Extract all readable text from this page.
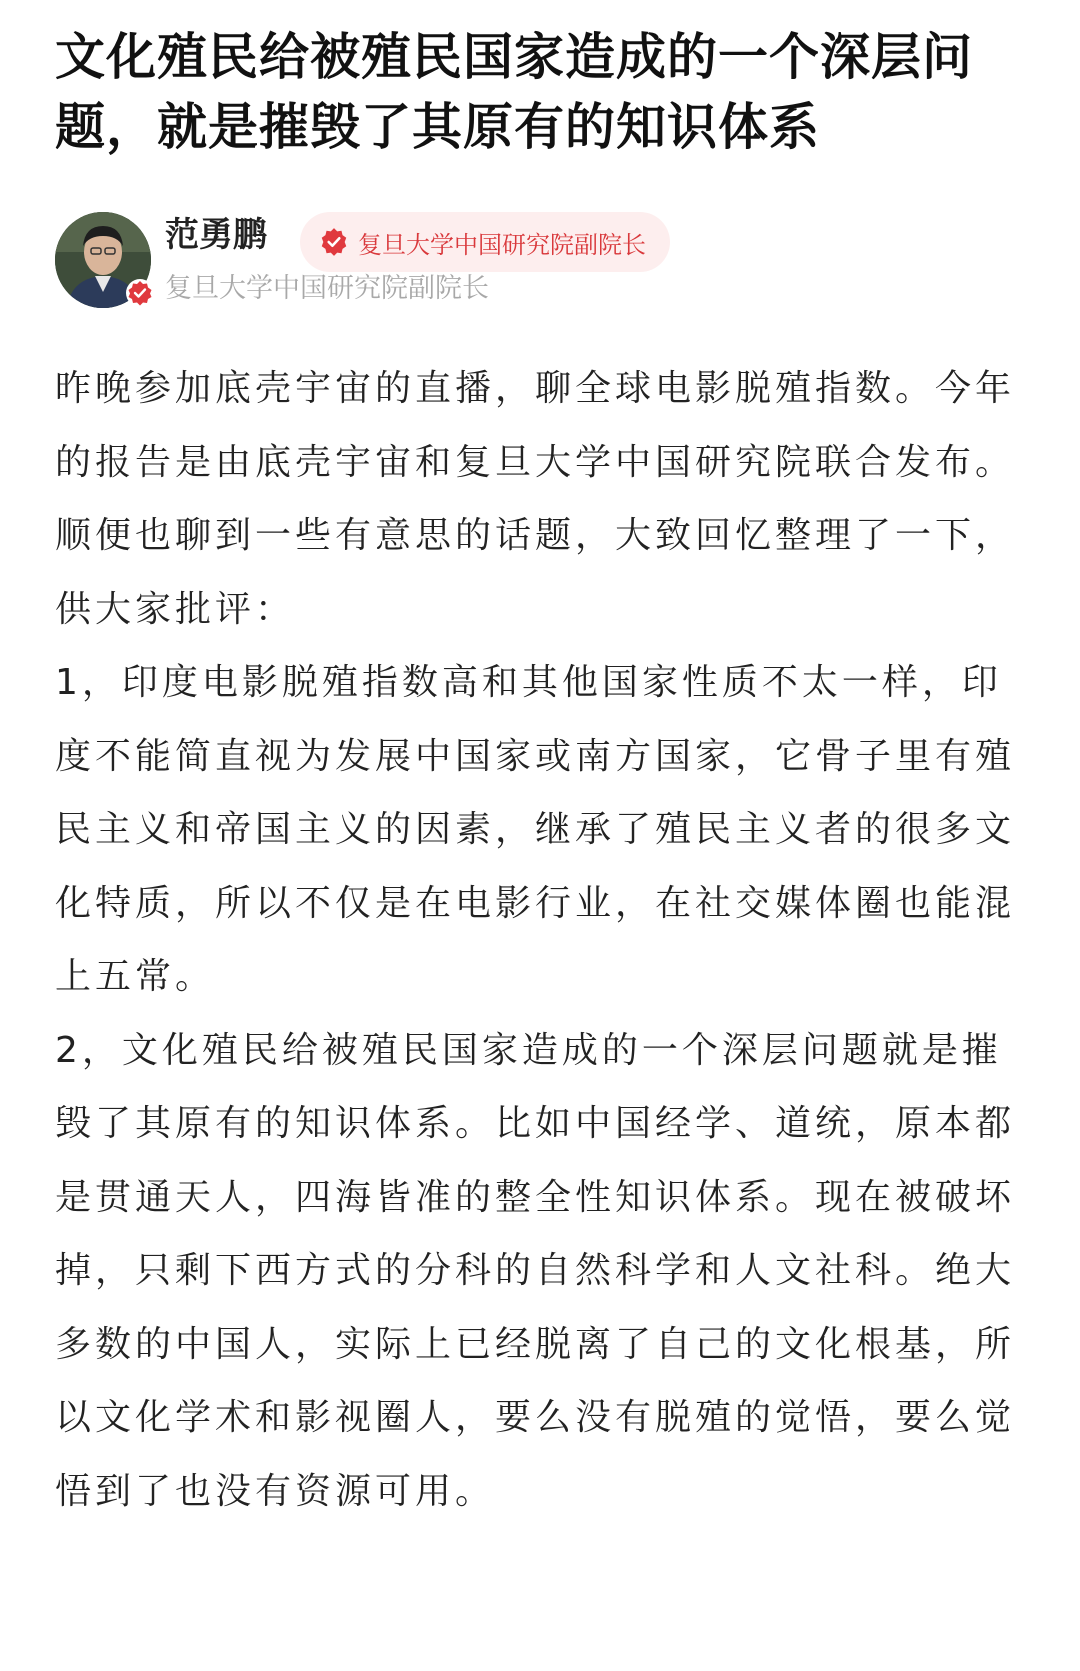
文化殖民给被殖民国家造成的一个深层问题，就是摧毁了其原有的知识体系
范勇鹏	复旦大学中国研究院副院长
复旦大学中国研究院副院长

昨晚参加底壳宇宙的直播，聊全球电影脱殖指数。今年的报告是由底壳宇宙和复旦大学中国研究院联合发布。

顺便也聊到一些有意思的话题，大致回忆整理了一下，供大家批评：

1，印度电影脱殖指数高和其他国家性质不太一样，印度不能简直视为发展中国家或南方国家，它骨子里有殖民主义和帝国主义的因素，继承了殖民主义者的很多文化特质，所以不仅是在电影行业，在社交媒体圈也能混上五常。

2，文化殖民给被殖民国家造成的一个深层问题就是摧毁了其原有的知识体系。比如中国经学、道统，原本都是贯通天人，四海皆准的整全性知识体系。现在被破坏掉，只剩下西方式的分科的自然科学和人文社科。绝大多数的中国人，实际上已经脱离了自己的文化根基，所以文化学术和影视圈人，要么没有脱殖的觉悟，要么觉悟到了也没有资源可用。
